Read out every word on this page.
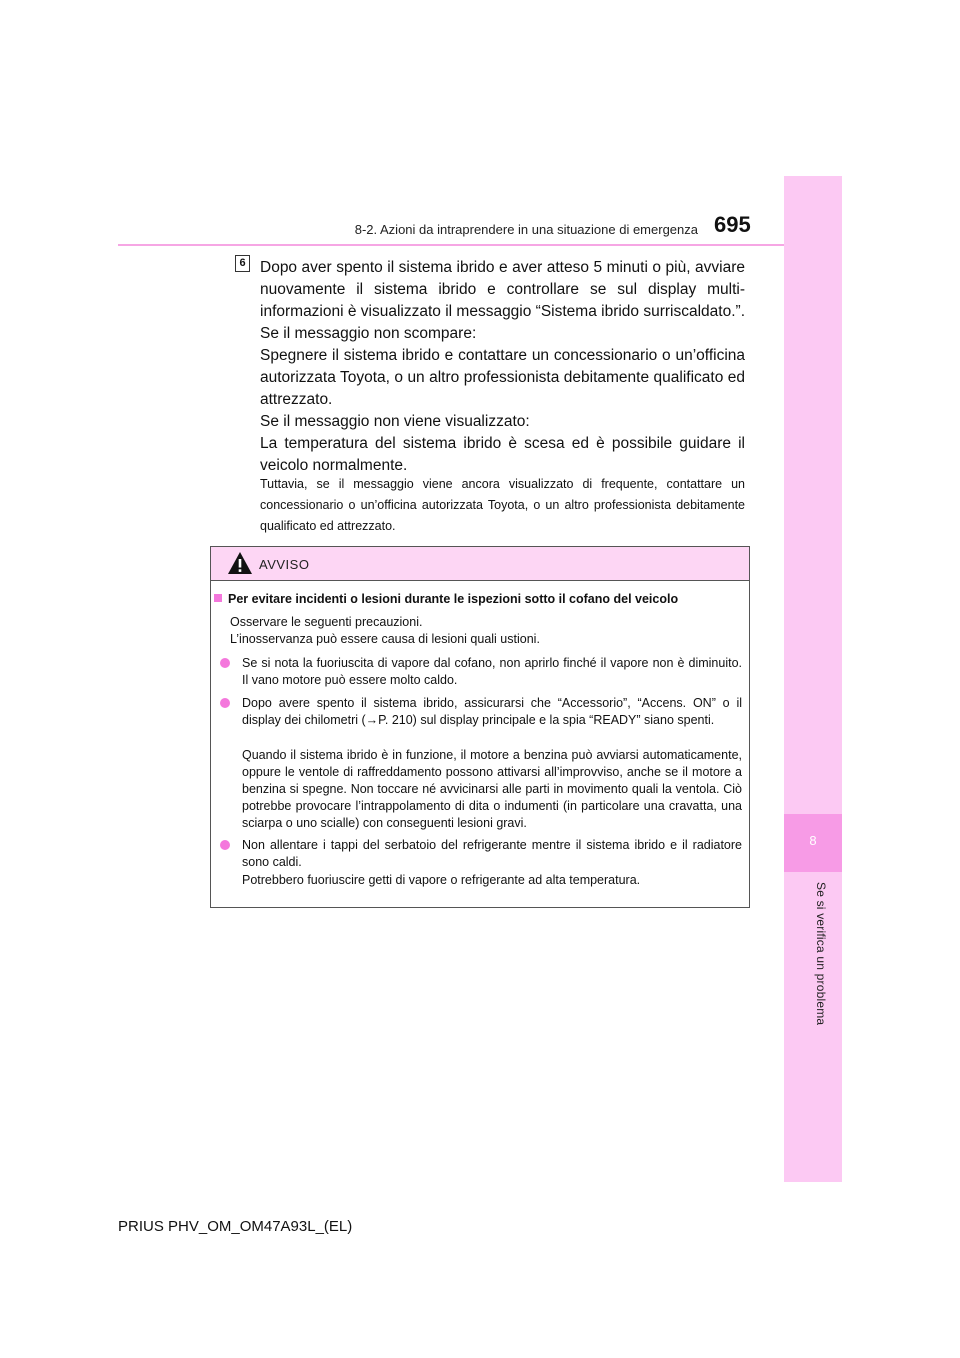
8
Se si verifica un problema
8-2. Azioni da intraprendere in una situazione di emergenza 695
6 Dopo aver spento il sistema ibrido e aver atteso 5 minuti o più, avviare nuovamente il sistema ibrido e controllare se sul display multi-informazioni è visualizzato il messaggio “Sistema ibrido surriscaldato.”.
Se il messaggio non scompare:
Spegnere il sistema ibrido e contattare un concessionario o un’officina autorizzata Toyota, o un altro professionista debitamente qualificato ed attrezzato.
Se il messaggio non viene visualizzato:
La temperatura del sistema ibrido è scesa ed è possibile guidare il veicolo normalmente.
Tuttavia, se il messaggio viene ancora visualizzato di frequente, contattare un concessionario o un’officina autorizzata Toyota, o un altro professionista debitamente qualificato ed attrezzato.
AVVISO
Per evitare incidenti o lesioni durante le ispezioni sotto il cofano del veicolo
Osservare le seguenti precauzioni.
L’inosservanza può essere causa di lesioni quali ustioni.
Se si nota la fuoriuscita di vapore dal cofano, non aprirlo finché il vapore non è diminuito. Il vano motore può essere molto caldo.
Dopo avere spento il sistema ibrido, assicurarsi che “Accessorio”, “Accens. ON” o il display dei chilometri (→P. 210) sul display principale e la spia “READY” siano spenti.
Quando il sistema ibrido è in funzione, il motore a benzina può avviarsi automaticamente, oppure le ventole di raffreddamento possono attivarsi all’improvviso, anche se il motore a benzina si spegne. Non toccare né avvicinarsi alle parti in movimento quali la ventola. Ciò potrebbe provocare l’intrappolamento di dita o indumenti (in particolare una cravatta, una sciarpa o uno scialle) con conseguenti lesioni gravi.
Non allentare i tappi del serbatoio del refrigerante mentre il sistema ibrido e il radiatore sono caldi.
Potrebbero fuoriuscire getti di vapore o refrigerante ad alta temperatura.
PRIUS PHV_OM_OM47A93L_(EL)
